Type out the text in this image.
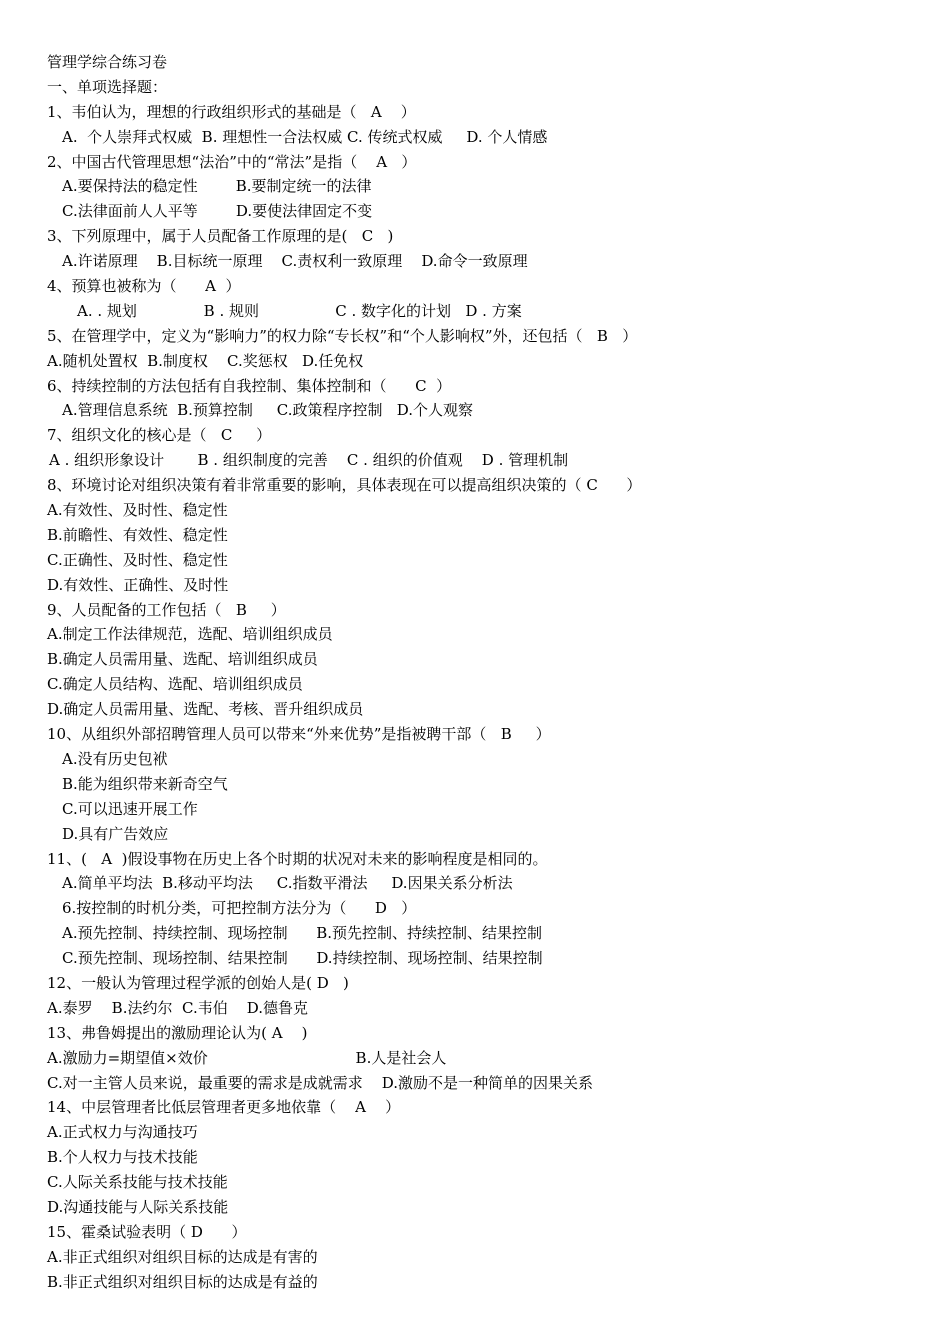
管理学综合练习卷
一、单项选择题：
1、韦伯认为，理想的行政组织形式的基础是（   A    ）
A.  个人崇拜式权威  B. 理想性一合法权威 C. 传统式权威     D. 个人情感
2、中国古代管理思想“法治”中的“常法”是指（    A   ）
A.要保持法的稳定性        B.要制定统一的法律
C.法律面前人人平等        D.要使法律固定不变
3、下列原理中，属于人员配备工作原理的是(   C   )
A.许诺原理    B.目标统一原理    C.责权利一致原理    D.命令一致原理
4、预算也被称为（      A  ）
A. . 规划              B . 规则                C . 数字化的计划   D . 方案
5、在管理学中，定义为“影响力”的权力除“专长权”和“个人影响权”外，还包括（   B   ）
A.随机处置权  B.制度权    C.奖惩权   D.任免权
6、持续控制的方法包括有自我控制、集体控制和（      C  ）
A.管理信息系统  B.预算控制     C.政策程序控制   D.个人观察
7、组织文化的核心是（   C     ）
A . 组织形象设计       B . 组织制度的完善    C . 组织的价值观    D . 管理机制
8、环境讨论对组织决策有着非常重要的影响，具体表现在可以提高组织决策的（ C      ）
A.有效性、及时性、稳定性
B.前瞻性、有效性、稳定性
C.正确性、及时性、稳定性
D.有效性、正确性、及时性
9、人员配备的工作包括（   B     ）
A.制定工作法律规范，选配、培训组织成员
B.确定人员需用量、选配、培训组织成员
C.确定人员结构、选配、培训组织成员
D.确定人员需用量、选配、考核、晋升组织成员
10、从组织外部招聘管理人员可以带来“外来优势”是指被聘干部（   B     ）
A.没有历史包袱
B.能为组织带来新奇空气
C.可以迅速开展工作
D.具有广告效应
11、(   A  )假设事物在历史上各个时期的状况对未来的影响程度是相同的。
A.简单平均法  B.移动平均法     C.指数平滑法     D.因果关系分析法
6.按控制的时机分类，可把控制方法分为（      D   ）
A.预先控制、持续控制、现场控制      B.预先控制、持续控制、结果控制
C.预先控制、现场控制、结果控制      D.持续控制、现场控制、结果控制
12、一般认为管理过程学派的创始人是( D   )
A.泰罗    B.法约尔  C.韦伯    D.德鲁克
13、弗鲁姆提出的激励理论认为( A    )
A.激励力=期望值×效价                               B.人是社会人
C.对一主管人员来说，最重要的需求是成就需求    D.激励不是一种简单的因果关系
14、中层管理者比低层管理者更多地依靠（    A    ）
A.正式权力与沟通技巧
B.个人权力与技术技能
C.人际关系技能与技术技能
D.沟通技能与人际关系技能
15、霍桑试验表明（ D      ）
A.非正式组织对组织目标的达成是有害的
B.非正式组织对组织目标的达成是有益的
